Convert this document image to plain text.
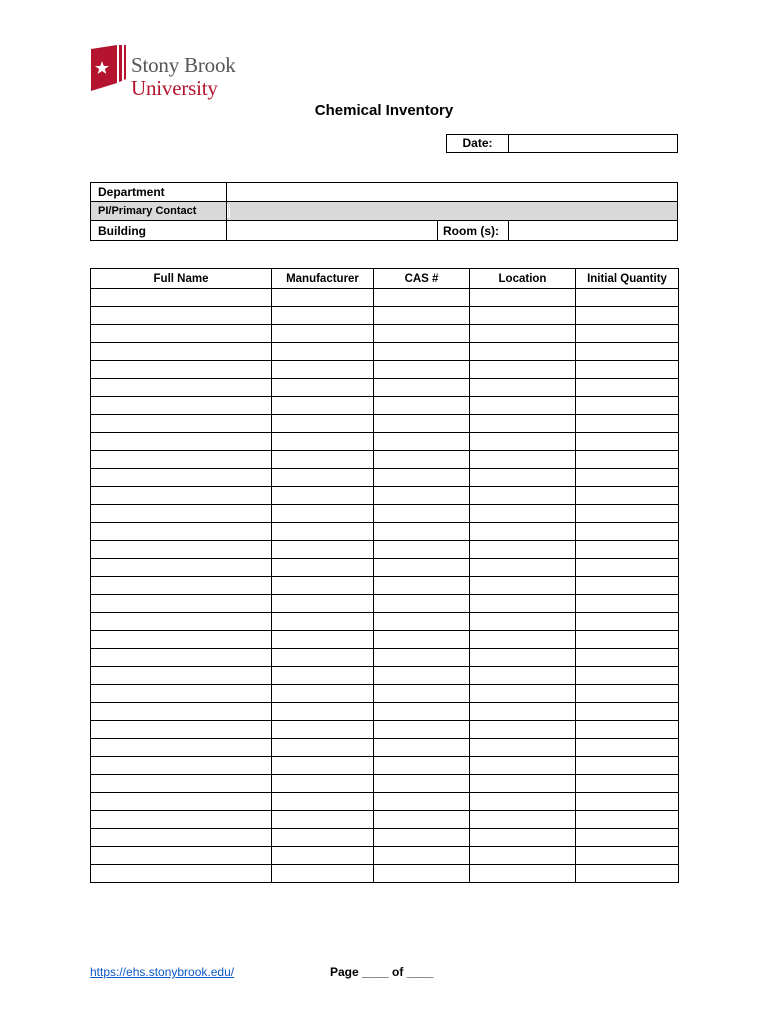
Stony Brook
University
Chemical Inventory
Date:
Department
PI/Primary Contact
Building	Room (s):
Full Name	Manufacturer	CAS #	Location	Initial Quantity

https://ehs.stonybrook.edu/	Page ____ of ____
